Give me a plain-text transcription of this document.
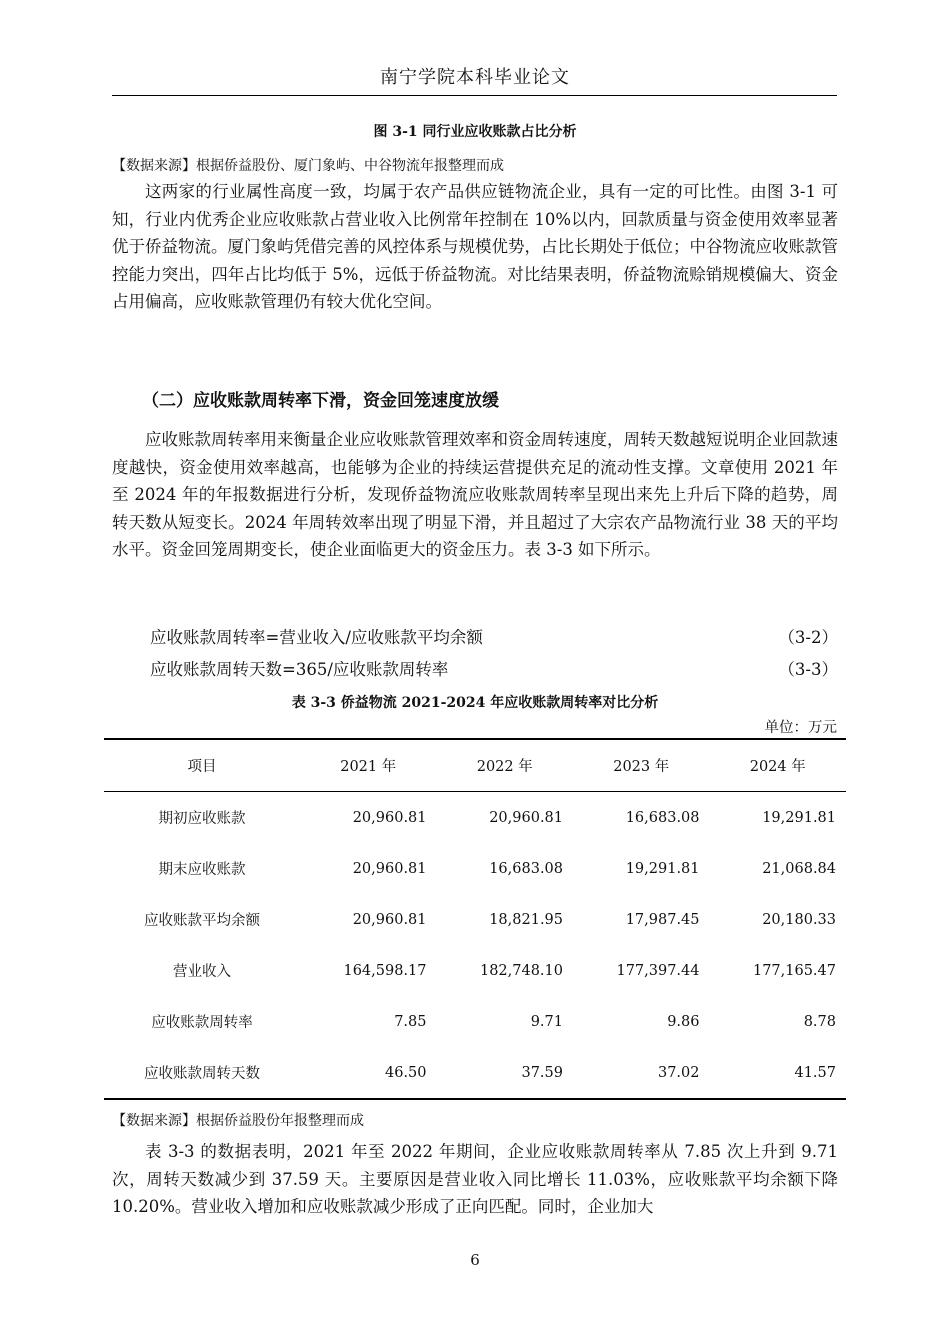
南宁学院本科毕业论文
图 3-1 同行业应收账款占比分析
【数据来源】根据侨益股份、厦门象屿、中谷物流年报整理而成

这两家的行业属性高度一致，均属于农产品供应链物流企业，具有一定的可比性。由图 3-1 可知，行业内优秀企业应收账款占营业收入比例常年控制在 10%以内，回款质量与资金使用效率显著优于侨益物流。厦门象屿凭借完善的风控体系与规模优势，占比长期处于低位；中谷物流应收账款管控能力突出，四年占比均低于 5%，远低于侨益物流。对比结果表明，侨益物流赊销规模偏大、资金占用偏高，应收账款管理仍有较大优化空间。

（二）应收账款周转率下滑，资金回笼速度放缓

应收账款周转率用来衡量企业应收账款管理效率和资金周转速度，周转天数越短说明企业回款速度越快，资金使用效率越高，也能够为企业的持续运营提供充足的流动性支撑。文章使用 2021 年至 2024 年的年报数据进行分析，发现侨益物流应收账款周转率呈现出来先上升后下降的趋势，周转天数从短变长。2024 年周转效率出现了明显下滑，并且超过了大宗农产品物流行业 38 天的平均水平。资金回笼周期变长，使企业面临更大的资金压力。表 3-3 如下所示。

应收账款周转率=营业收入/应收账款平均余额	（3-2）
应收账款周转天数=365/应收账款周转率	（3-3）
表 3-3 侨益物流 2021-2024 年应收账款周转率对比分析
单位：万元
项目	2021 年	2022 年	2023 年	2024 年
期初应收账款	20,960.81	20,960.81	16,683.08	19,291.81
期末应收账款	20,960.81	16,683.08	19,291.81	21,068.84
应收账款平均余额	20,960.81	18,821.95	17,987.45	20,180.33
营业收入	164,598.17	182,748.10	177,397.44	177,165.47
应收账款周转率	7.85	9.71	9.86	8.78
应收账款周转天数	46.50	37.59	37.02	41.57
【数据来源】根据侨益股份年报整理而成

表 3-3 的数据表明，2021 年至 2022 年期间，企业应收账款周转率从 7.85 次上升到 9.71 次，周转天数减少到 37.59 天。主要原因是营业收入同比增长 11.03%，应收账款平均余额下降 10.20%。营业收入增加和应收账款减少形成了正向匹配。同时，企业加大

6
